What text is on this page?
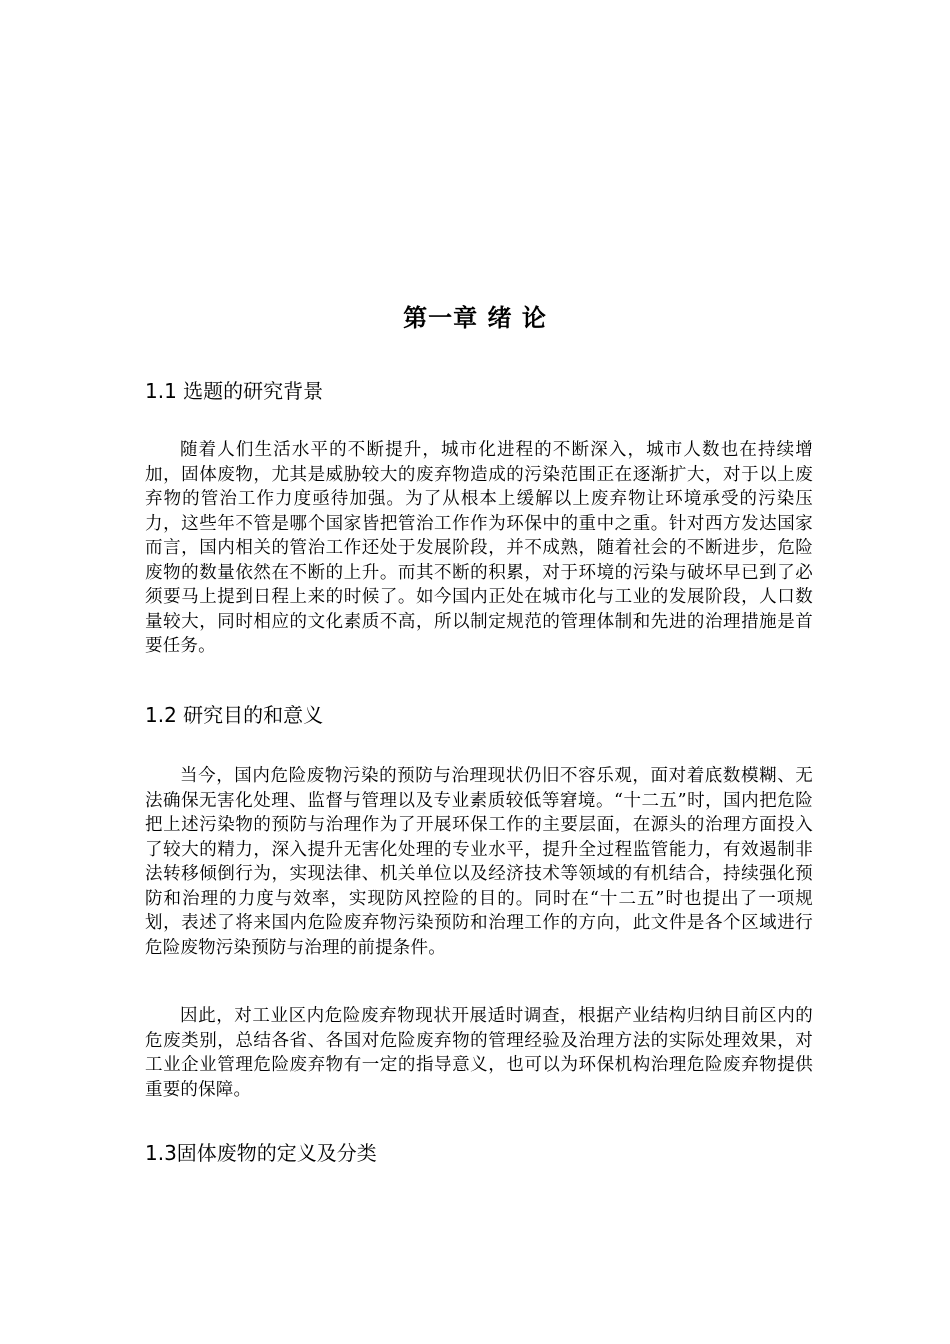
第一章 绪 论
1.1 选题的研究背景

随着人们生活水平的不断提升，城市化进程的不断深入，城市人数也在持续增加，固体废物，尤其是威胁较大的废弃物造成的污染范围正在逐渐扩大，对于以上废弃物的管治工作力度亟待加强。为了从根本上缓解以上废弃物让环境承受的污染压力，这些年不管是哪个国家皆把管治工作作为环保中的重中之重。针对西方发达国家而言，国内相关的管治工作还处于发展阶段，并不成熟，随着社会的不断进步，危险废物的数量依然在不断的上升。而其不断的积累，对于环境的污染与破坏早已到了必须要马上提到日程上来的时候了。如今国内正处在城市化与工业的发展阶段，人口数量较大，同时相应的文化素质不高，所以制定规范的管理体制和先进的治理措施是首要任务。

1.2 研究目的和意义

当今，国内危险废物污染的预防与治理现状仍旧不容乐观，面对着底数模糊、无法确保无害化处理、监督与管理以及专业素质较低等窘境。“十二五”时，国内把危险把上述污染物的预防与治理作为了开展环保工作的主要层面，在源头的治理方面投入了较大的精力，深入提升无害化处理的专业水平，提升全过程监管能力，有效遏制非法转移倾倒行为，实现法律、机关单位以及经济技术等领域的有机结合，持续强化预防和治理的力度与效率，实现防风控险的目的。同时在“十二五”时也提出了一项规划，表述了将来国内危险废弃物污染预防和治理工作的方向，此文件是各个区域进行危险废物污染预防与治理的前提条件。

因此，对工业区内危险废弃物现状开展适时调查，根据产业结构归纳目前区内的危废类别，总结各省、各国对危险废弃物的管理经验及治理方法的实际处理效果，对工业企业管理危险废弃物有一定的指导意义，也可以为环保机构治理危险废弃物提供重要的保障。

1.3固体废物的定义及分类
